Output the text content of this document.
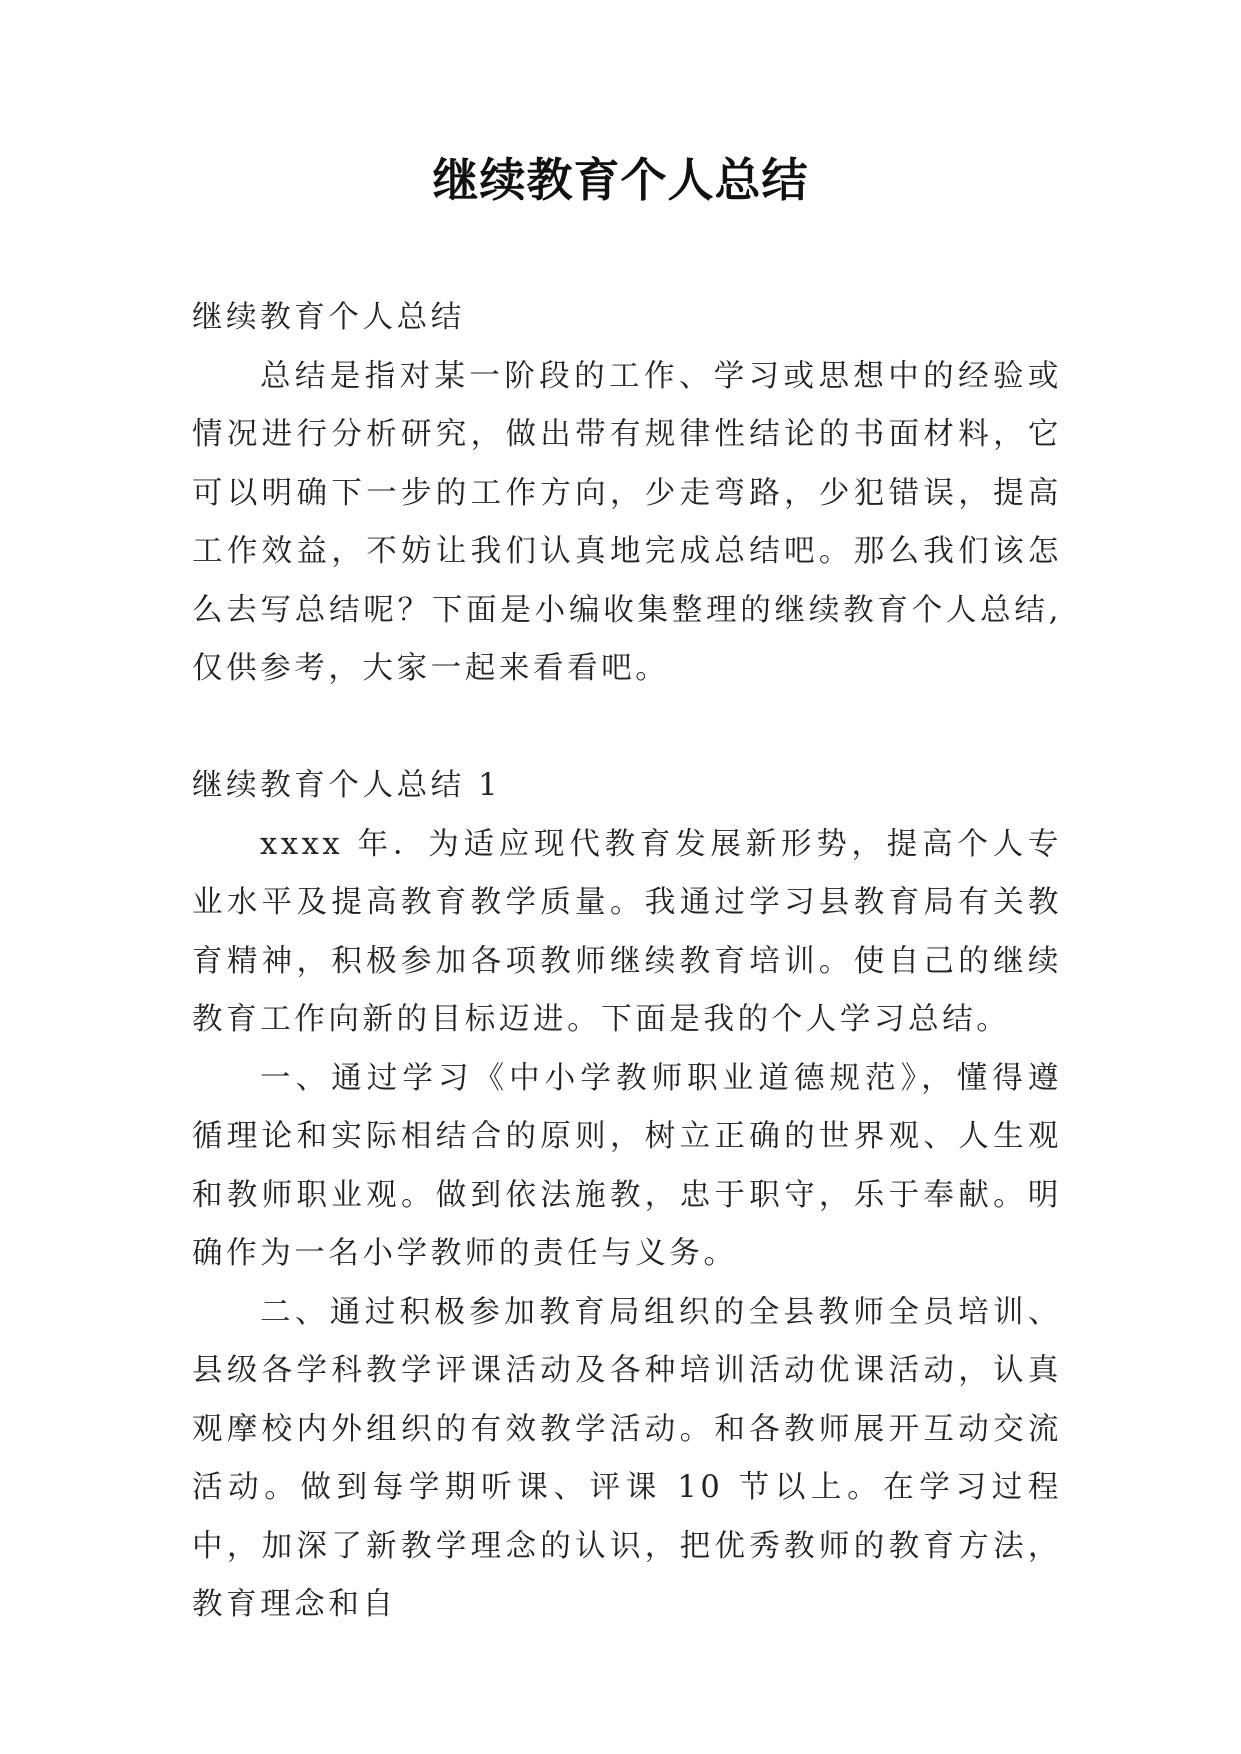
继续教育个人总结

继续教育个人总结

总结是指对某一阶段的工作、学习或思想中的经验或情况进行分析研究，做出带有规律性结论的书面材料，它可以明确下一步的工作方向，少走弯路，少犯错误，提高工作效益，不妨让我们认真地完成总结吧。那么我们该怎么去写总结呢？下面是小编收集整理的继续教育个人总结,仅供参考，大家一起来看看吧。

继续教育个人总结 1

xxxx 年．为适应现代教育发展新形势，提高个人专业水平及提高教育教学质量。我通过学习县教育局有关教育精神，积极参加各项教师继续教育培训。使自己的继续教育工作向新的目标迈进。下面是我的个人学习总结。

一、通过学习《中小学教师职业道德规范》，懂得遵循理论和实际相结合的原则，树立正确的世界观、人生观和教师职业观。做到依法施教，忠于职守，乐于奉献。明确作为一名小学教师的责任与义务。

二、通过积极参加教育局组织的全县教师全员培训、县级各学科教学评课活动及各种培训活动优课活动，认真观摩校内外组织的有效教学活动。和各教师展开互动交流活动。做到每学期听课、评课 10 节以上。在学习过程中，加深了新教学理念的认识，把优秀教师的教育方法，教育理念和自
